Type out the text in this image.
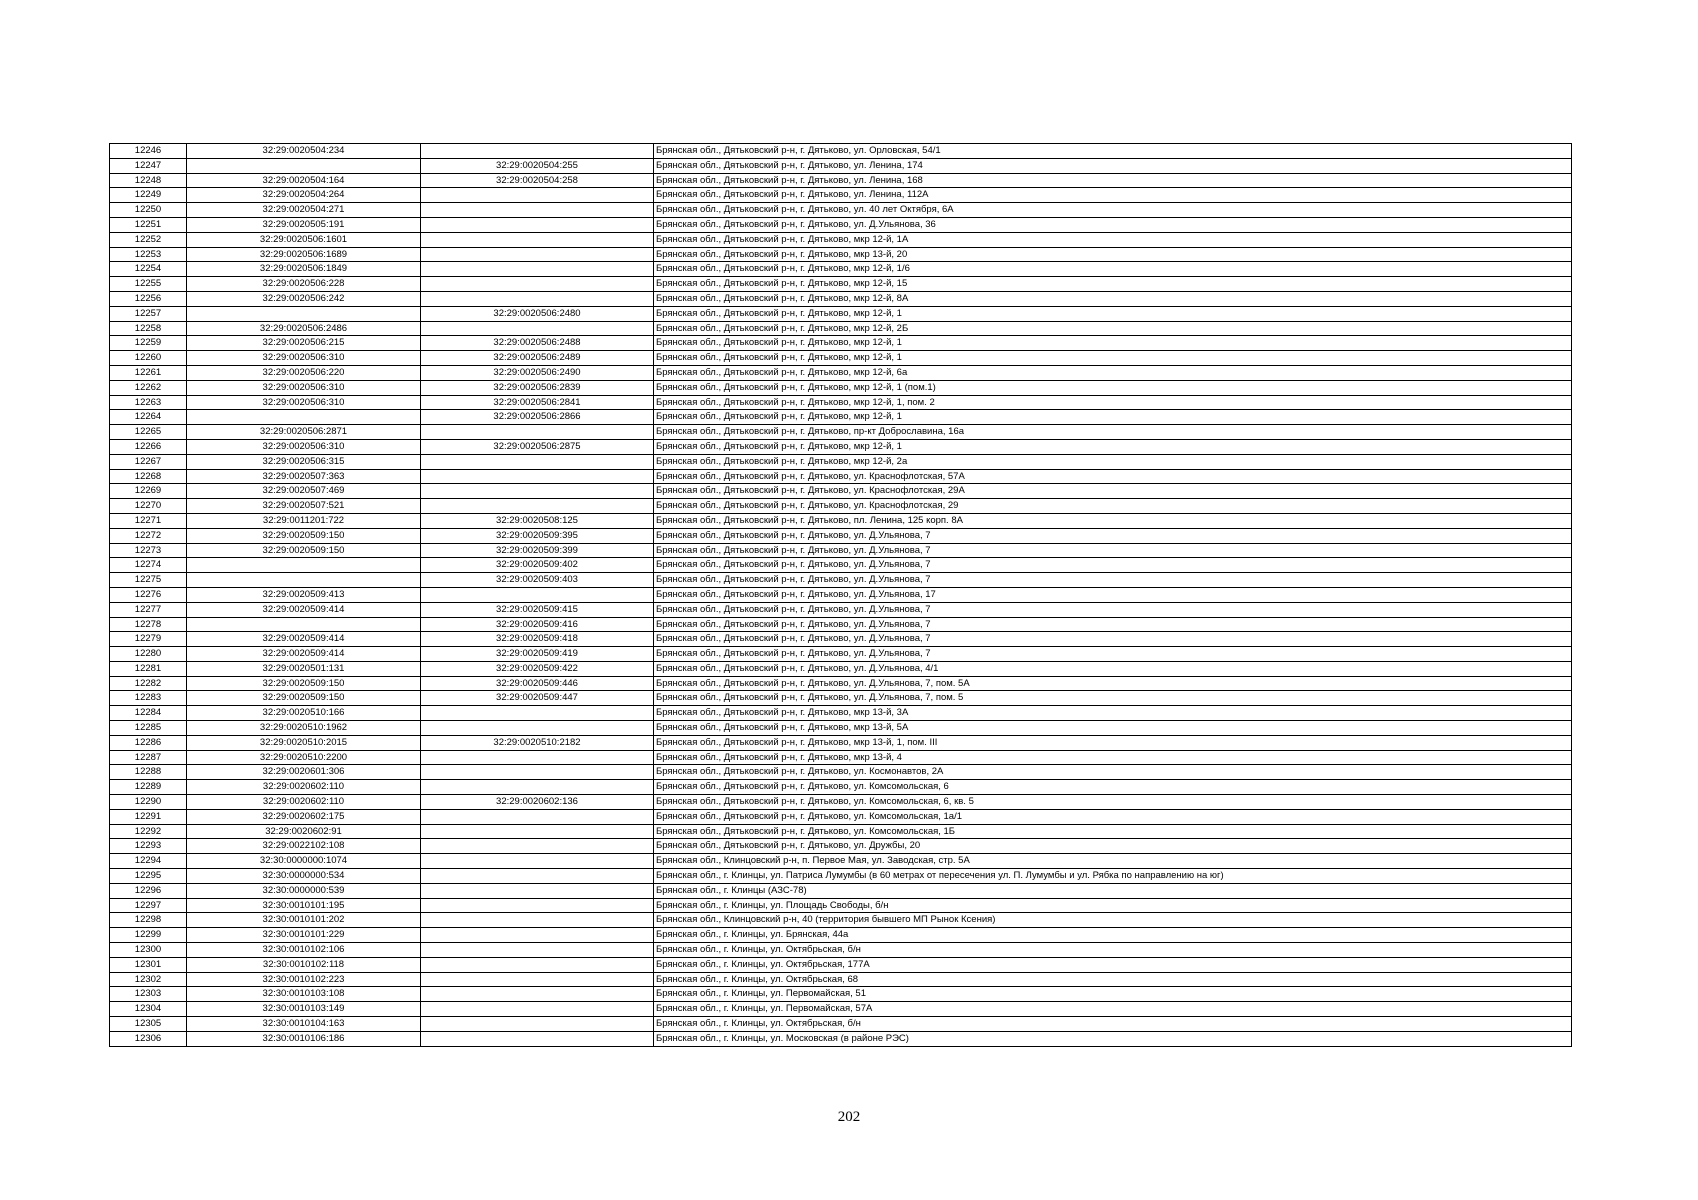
12246	32:29:0020504:234		Брянская обл., Дятьковский р-н, г. Дятьково, ул. Орловская, 54/1
12247		32:29:0020504:255	Брянская обл., Дятьковский р-н, г. Дятьково, ул. Ленина, 174
12248	32:29:0020504:164	32:29:0020504:258	Брянская обл., Дятьковский р-н, г. Дятьково, ул. Ленина, 168
12249	32:29:0020504:264		Брянская обл., Дятьковский р-н, г. Дятьково, ул. Ленина, 112А
12250	32:29:0020504:271		Брянская обл., Дятьковский р-н, г. Дятьково, ул. 40 лет Октября, 6А
12251	32:29:0020505:191		Брянская обл., Дятьковский р-н, г. Дятьково, ул. Д.Ульянова, 36
12252	32:29:0020506:1601		Брянская обл., Дятьковский р-н, г. Дятьково, мкр 12-й, 1А
12253	32:29:0020506:1689		Брянская обл., Дятьковский р-н, г. Дятьково, мкр 13-й, 20
12254	32:29:0020506:1849		Брянская обл., Дятьковский р-н, г. Дятьково, мкр 12-й, 1/6
12255	32:29:0020506:228		Брянская обл., Дятьковский р-н, г. Дятьково, мкр 12-й, 15
12256	32:29:0020506:242		Брянская обл., Дятьковский р-н, г. Дятьково, мкр 12-й, 8А
12257		32:29:0020506:2480	Брянская обл., Дятьковский р-н, г. Дятьково, мкр 12-й, 1
12258	32:29:0020506:2486		Брянская обл., Дятьковский р-н, г. Дятьково, мкр 12-й, 2Б
12259	32:29:0020506:215	32:29:0020506:2488	Брянская обл., Дятьковский р-н, г. Дятьково, мкр 12-й, 1
12260	32:29:0020506:310	32:29:0020506:2489	Брянская обл., Дятьковский р-н, г. Дятьково, мкр 12-й, 1
12261	32:29:0020506:220	32:29:0020506:2490	Брянская обл., Дятьковский р-н, г. Дятьково, мкр 12-й, 6а
12262	32:29:0020506:310	32:29:0020506:2839	Брянская обл., Дятьковский р-н, г. Дятьково, мкр 12-й, 1 (пом.1)
12263	32:29:0020506:310	32:29:0020506:2841	Брянская обл., Дятьковский р-н, г. Дятьково, мкр 12-й, 1, пом. 2
12264		32:29:0020506:2866	Брянская обл., Дятьковский р-н, г. Дятьково, мкр 12-й, 1
12265	32:29:0020506:2871		Брянская обл., Дятьковский р-н, г. Дятьково, пр-кт Доброславина, 16а
12266	32:29:0020506:310	32:29:0020506:2875	Брянская обл., Дятьковский р-н, г. Дятьково, мкр 12-й, 1
12267	32:29:0020506:315		Брянская обл., Дятьковский р-н, г. Дятьково, мкр 12-й, 2а
12268	32:29:0020507:363		Брянская обл., Дятьковский р-н, г. Дятьково, ул. Краснофлотская, 57А
12269	32:29:0020507:469		Брянская обл., Дятьковский р-н, г. Дятьково, ул. Краснофлотская, 29А
12270	32:29:0020507:521		Брянская обл., Дятьковский р-н, г. Дятьково, ул. Краснофлотская, 29
12271	32:29:0011201:722	32:29:0020508:125	Брянская обл., Дятьковский р-н, г. Дятьково, пл. Ленина, 125 корп. 8А
12272	32:29:0020509:150	32:29:0020509:395	Брянская обл., Дятьковский р-н, г. Дятьково, ул. Д.Ульянова, 7
12273	32:29:0020509:150	32:29:0020509:399	Брянская обл., Дятьковский р-н, г. Дятьково, ул. Д.Ульянова, 7
12274		32:29:0020509:402	Брянская обл., Дятьковский р-н, г. Дятьково, ул. Д.Ульянова, 7
12275		32:29:0020509:403	Брянская обл., Дятьковский р-н, г. Дятьково, ул. Д.Ульянова, 7
12276	32:29:0020509:413		Брянская обл., Дятьковский р-н, г. Дятьково, ул. Д.Ульянова, 17
12277	32:29:0020509:414	32:29:0020509:415	Брянская обл., Дятьковский р-н, г. Дятьково, ул. Д.Ульянова, 7
12278		32:29:0020509:416	Брянская обл., Дятьковский р-н, г. Дятьково, ул. Д.Ульянова, 7
12279	32:29:0020509:414	32:29:0020509:418	Брянская обл., Дятьковский р-н, г. Дятьково, ул. Д.Ульянова, 7
12280	32:29:0020509:414	32:29:0020509:419	Брянская обл., Дятьковский р-н, г. Дятьково, ул. Д.Ульянова, 7
12281	32:29:0020501:131	32:29:0020509:422	Брянская обл., Дятьковский р-н, г. Дятьково, ул. Д.Ульянова, 4/1
12282	32:29:0020509:150	32:29:0020509:446	Брянская обл., Дятьковский р-н, г. Дятьково, ул. Д.Ульянова, 7, пом. 5А
12283	32:29:0020509:150	32:29:0020509:447	Брянская обл., Дятьковский р-н, г. Дятьково, ул. Д.Ульянова, 7, пом. 5
12284	32:29:0020510:166		Брянская обл., Дятьковский р-н, г. Дятьково, мкр 13-й, 3А
12285	32:29:0020510:1962		Брянская обл., Дятьковский р-н, г. Дятьково, мкр 13-й, 5А
12286	32:29:0020510:2015	32:29:0020510:2182	Брянская обл., Дятьковский р-н, г. Дятьково, мкр 13-й, 1, пом. III
12287	32:29:0020510:2200		Брянская обл., Дятьковский р-н, г. Дятьково, мкр 13-й, 4
12288	32:29:0020601:306		Брянская обл., Дятьковский р-н, г. Дятьково, ул. Космонавтов, 2А
12289	32:29:0020602:110		Брянская обл., Дятьковский р-н, г. Дятьково, ул. Комсомольская, 6
12290	32:29:0020602:110	32:29:0020602:136	Брянская обл., Дятьковский р-н, г. Дятьково, ул. Комсомольская, 6, кв. 5
12291	32:29:0020602:175		Брянская обл., Дятьковский р-н, г. Дятьково, ул. Комсомольская, 1а/1
12292	32:29:0020602:91		Брянская обл., Дятьковский р-н, г. Дятьково, ул. Комсомольская, 1Б
12293	32:29:0022102:108		Брянская обл., Дятьковский р-н, г. Дятьково, ул. Дружбы, 20
12294	32:30:0000000:1074		Брянская обл., Клинцовский р-н, п. Первое Мая, ул. Заводская, стр. 5А
12295	32:30:0000000:534		Брянская обл., г. Клинцы, ул. Патриса Лумумбы (в 60 метрах от пересечения ул. П. Лумумбы и ул. Рябка по направлению на юг)
12296	32:30:0000000:539		Брянская обл., г. Клинцы (АЗС-78)
12297	32:30:0010101:195		Брянская обл., г. Клинцы, ул. Площадь Свободы, б/н
12298	32:30:0010101:202		Брянская обл., Клинцовский р-н, 40 (территория бывшего МП Рынок Ксения)
12299	32:30:0010101:229		Брянская обл., г. Клинцы, ул. Брянская, 44а
12300	32:30:0010102:106		Брянская обл., г. Клинцы, ул. Октябрьская, б/н
12301	32:30:0010102:118		Брянская обл., г. Клинцы, ул. Октябрьская, 177А
12302	32:30:0010102:223		Брянская обл., г. Клинцы, ул. Октябрьская, 68
12303	32:30:0010103:108		Брянская обл., г. Клинцы, ул. Первомайская, 51
12304	32:30:0010103:149		Брянская обл., г. Клинцы, ул. Первомайская, 57А
12305	32:30:0010104:163		Брянская обл., г. Клинцы, ул. Октябрьская, б/н
12306	32:30:0010106:186		Брянская обл., г. Клинцы, ул. Московская (в районе РЭС)
202
